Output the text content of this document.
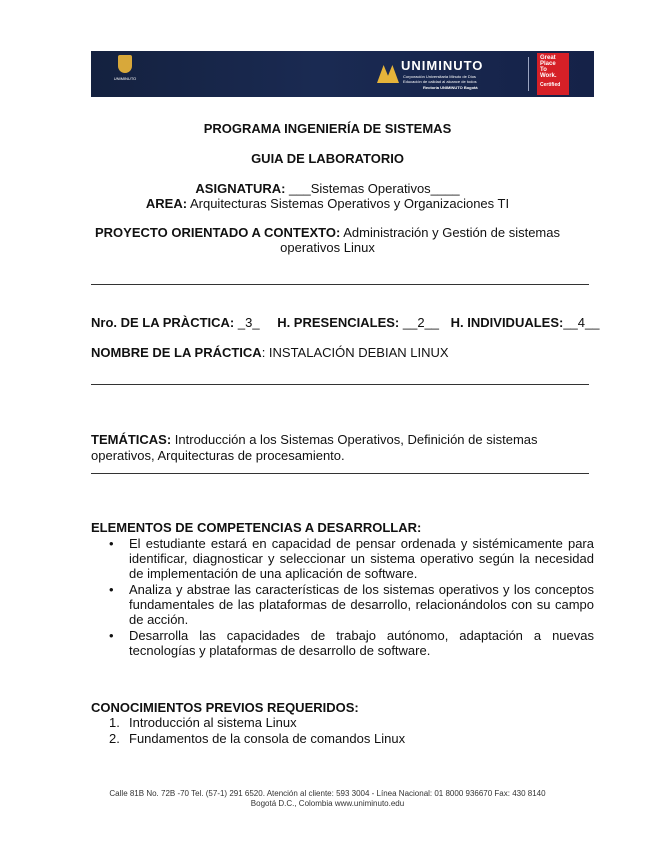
UNIMINUTO
UNIMINUTO
Corporación Universitaria Minuto de Dios
Educación de calidad al alcance de todos
Rectoría UNIMINUTO Bogotá
Great
Place
To
Work.
Certified
PROGRAMA INGENIERÍA DE SISTEMAS
GUIA DE LABORATORIO
ASIGNATURA: ___Sistemas Operativos____
AREA: Arquitecturas Sistemas Operativos y Organizaciones TI
PROYECTO ORIENTADO A CONTEXTO: Administración y Gestión de sistemas
operativos Linux
Nro. DE LA PRÀCTICA: _3_ H. PRESENCIALES: __2__ H. INDIVIDUALES:__4__
NOMBRE DE LA PRÁCTICA: INSTALACIÓN DEBIAN LINUX
TEMÁTICAS: Introducción a los Sistemas Operativos, Definición de sistemas operativos, Arquitecturas de procesamiento.
ELEMENTOS DE COMPETENCIAS A DESARROLLAR:
• El estudiante estará en capacidad de pensar ordenada y sistémicamente para identificar, diagnosticar y seleccionar un sistema operativo según la necesidad de implementación de una aplicación de software.
• Analiza y abstrae las características de los sistemas operativos y los conceptos fundamentales de las plataformas de desarrollo, relacionándolos con su campo de acción.
• Desarrolla las capacidades de trabajo autónomo, adaptación a nuevas tecnologías y plataformas de desarrollo de software.
CONOCIMIENTOS PREVIOS REQUERIDOS:
1. Introducción al sistema Linux
2. Fundamentos de la consola de comandos Linux
Calle 81B No. 72B -70 Tel. (57-1) 291 6520. Atención al cliente: 593 3004 - Línea Nacional: 01 8000 936670 Fax: 430 8140
Bogotá D.C., Colombia www.uniminuto.edu
